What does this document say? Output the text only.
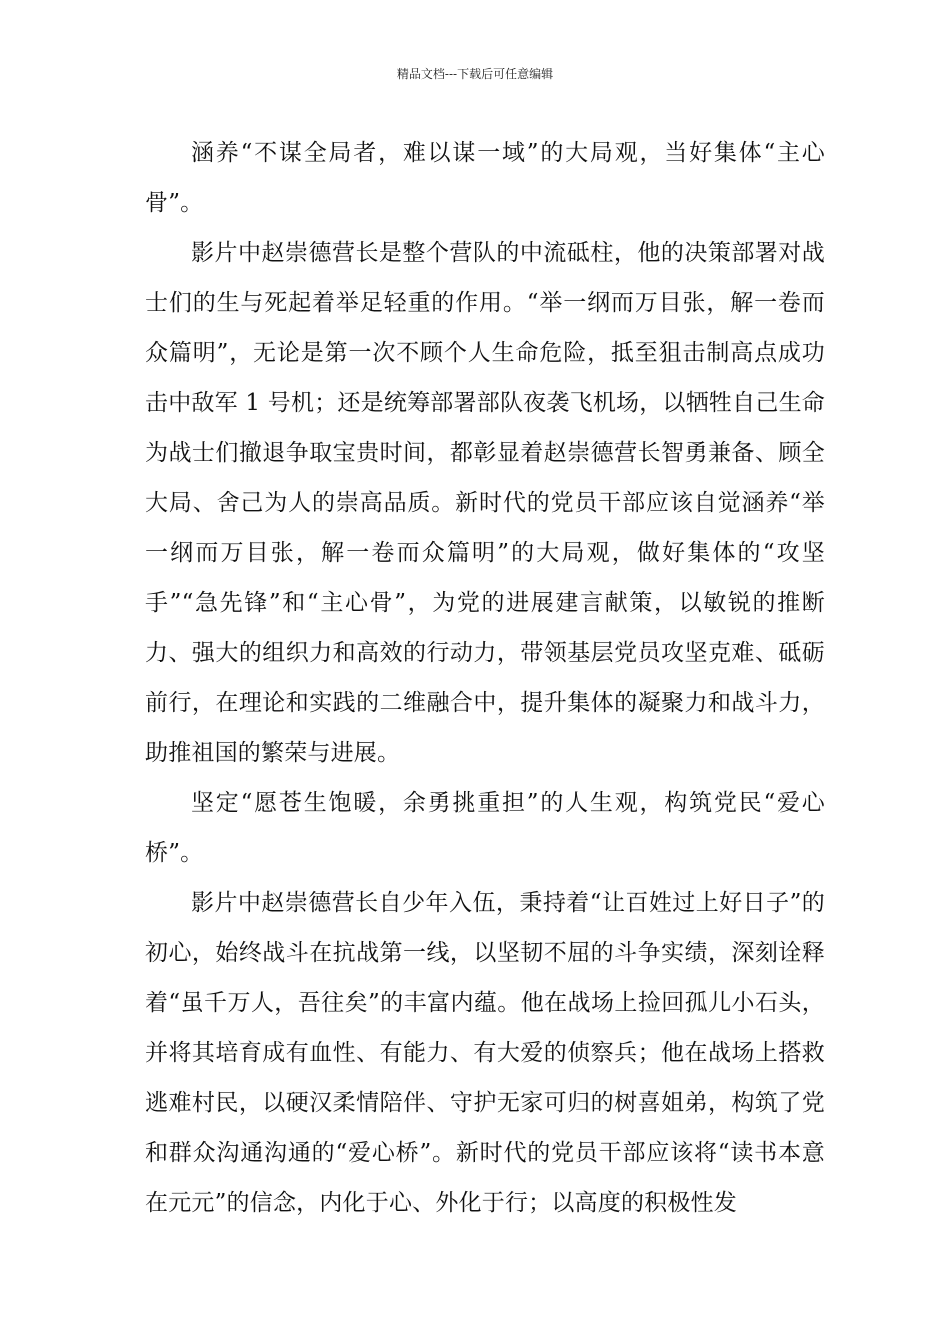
精品文档---下载后可任意编辑

涵养“不谋全局者，难以谋一域”的大局观，当好集体“主心骨”。

影片中赵崇德营长是整个营队的中流砥柱，他的决策部署对战士们的生与死起着举足轻重的作用。“举一纲而万目张，解一卷而众篇明”，无论是第一次不顾个人生命危险，抵至狙击制高点成功击中敌军 1 号机；还是统筹部署部队夜袭飞机场，以牺牲自己生命为战士们撤退争取宝贵时间，都彰显着赵崇德营长智勇兼备、顾全大局、舍己为人的崇高品质。新时代的党员干部应该自觉涵养“举一纲而万目张，解一卷而众篇明”的大局观，做好集体的“攻坚手”“急先锋”和“主心骨”，为党的进展建言献策，以敏锐的推断力、强大的组织力和高效的行动力，带领基层党员攻坚克难、砥砺前行，在理论和实践的二维融合中，提升集体的凝聚力和战斗力，助推祖国的繁荣与进展。

坚定“愿苍生饱暖，余勇挑重担”的人生观，构筑党民“爱心桥”。

影片中赵崇德营长自少年入伍，秉持着“让百姓过上好日子”的初心，始终战斗在抗战第一线，以坚韧不屈的斗争实绩，深刻诠释着“虽千万人，吾往矣”的丰富内蕴。他在战场上捡回孤儿小石头，并将其培育成有血性、有能力、有大爱的侦察兵；他在战场上搭救逃难村民，以硬汉柔情陪伴、守护无家可归的树喜姐弟，构筑了党和群众沟通沟通的“爱心桥”。新时代的党员干部应该将“读书本意在元元”的信念，内化于心、外化于行；以高度的积极性发
